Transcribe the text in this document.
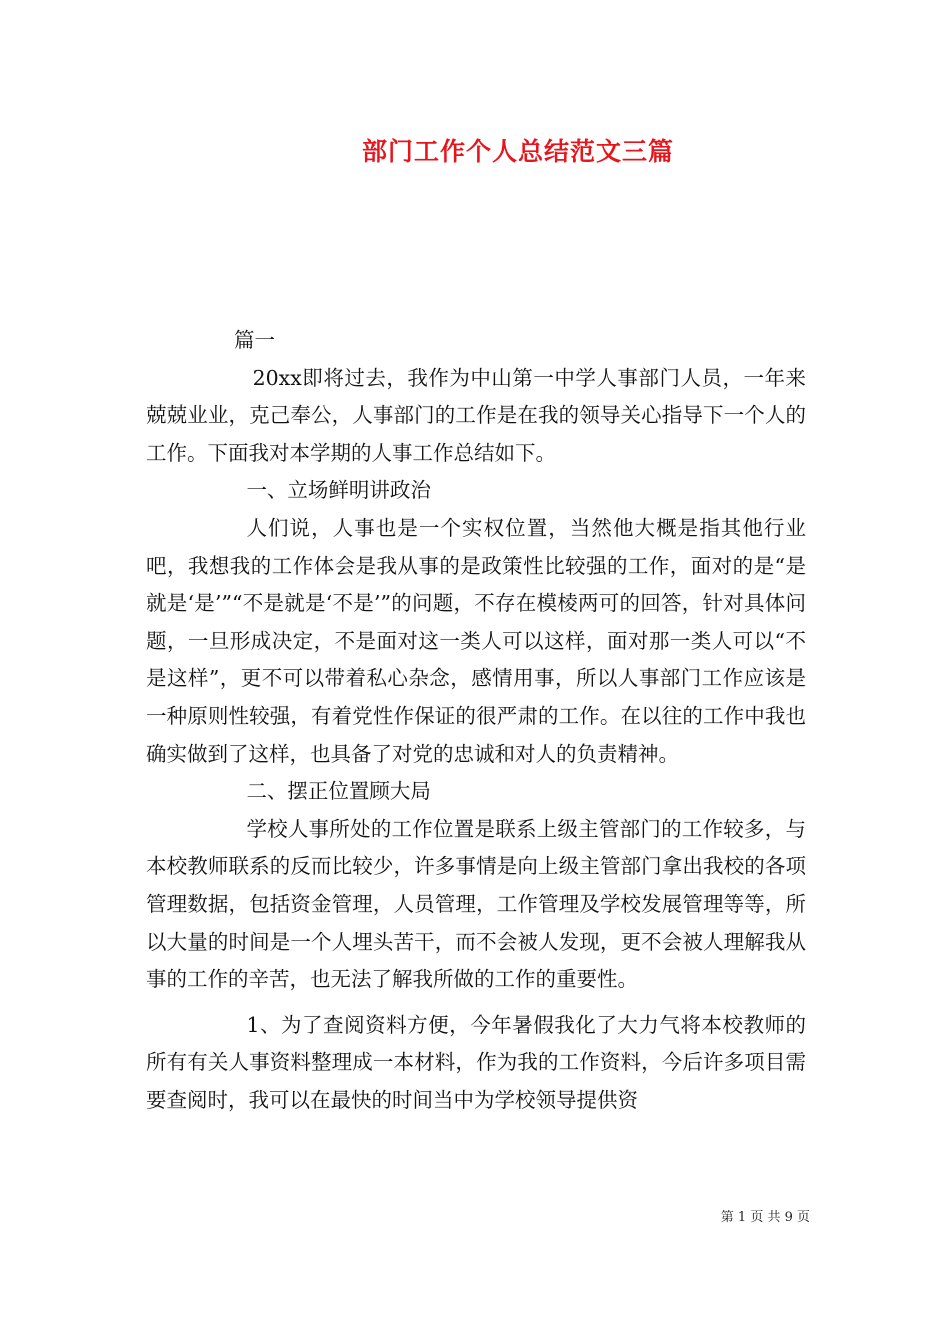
部门工作个人总结范文三篇

篇一

20xx即将过去，我作为中山第一中学人事部门人员，一年来兢兢业业，克己奉公，人事部门的工作是在我的领导关心指导下一个人的工作。下面我对本学期的人事工作总结如下。

一、立场鲜明讲政治

人们说，人事也是一个实权位置，当然他大概是指其他行业吧，我想我的工作体会是我从事的是政策性比较强的工作，面对的是“是就是‘是’”“不是就是‘不是’”的问题，不存在模棱两可的回答，针对具体问题，一旦形成决定，不是面对这一类人可以这样，面对那一类人可以“不是这样”，更不可以带着私心杂念，感情用事，所以人事部门工作应该是一种原则性较强，有着党性作保证的很严肃的工作。在以往的工作中我也确实做到了这样，也具备了对党的忠诚和对人的负责精神。

二、摆正位置顾大局

学校人事所处的工作位置是联系上级主管部门的工作较多，与本校教师联系的反而比较少，许多事情是向上级主管部门拿出我校的各项管理数据，包括资金管理，人员管理，工作管理及学校发展管理等等，所以大量的时间是一个人埋头苦干，而不会被人发现，更不会被人理解我从事的工作的辛苦，也无法了解我所做的工作的重要性。

1、为了查阅资料方便，今年暑假我化了大力气将本校教师的所有有关人事资料整理成一本材料，作为我的工作资料，今后许多项目需要查阅时，我可以在最快的时间当中为学校领导提供资

第 1 页 共 9 页
